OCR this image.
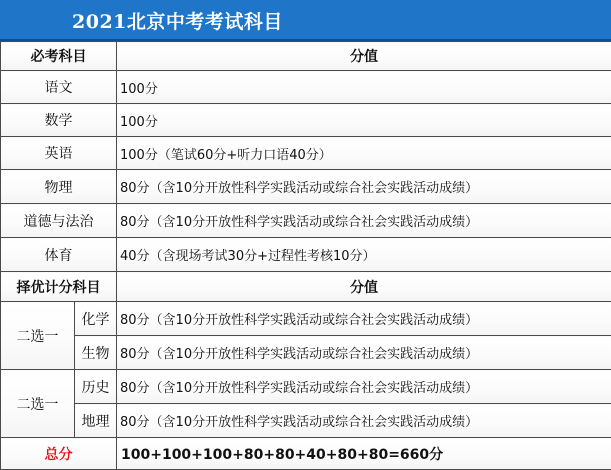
2021北京中考考试科目
必考科目		分值
语文		100分
数学		100分
英语		100分（笔试60分+听力口语40分）
物理		80分（含10分开放性科学实践活动或综合社会实践活动成绩）
道德与法治		80分（含10分开放性科学实践活动或综合社会实践活动成绩）
体育		40分（含现场考试30分+过程性考核10分）
择优计分科目		分值
二选一	化学	80分（含10分开放性科学实践活动或综合社会实践活动成绩）
	生物	80分（含10分开放性科学实践活动或综合社会实践活动成绩）
二选一	历史	80分（含10分开放性科学实践活动或综合社会实践活动成绩）
	地理	80分（含10分开放性科学实践活动或综合社会实践活动成绩）
总分		100+100+100+80+80+40+80+80=660分
